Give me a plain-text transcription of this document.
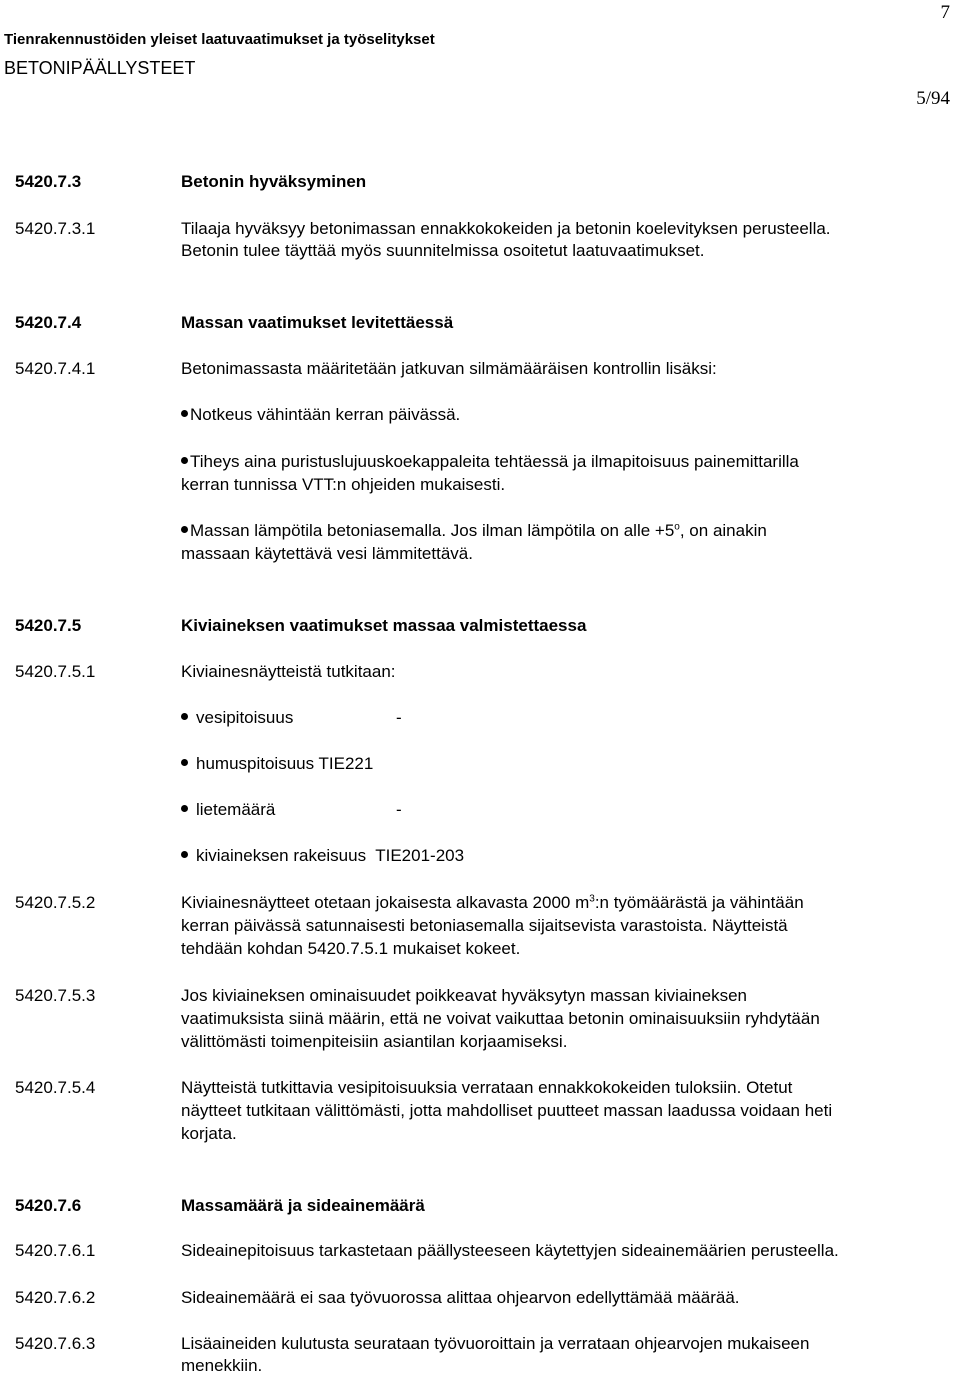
Tienrakennustöiden yleiset laatuvaatimukset ja työselitykset
BETONIPÄÄLLYSTEET
7
5/94
5420.7.3	Betonin hyväksyminen
5420.7.3.1	Tilaaja hyväksyy betonimassan ennakkokokeiden ja betonin koelevityksen perusteella.
Betonin tulee täyttää myös suunnitelmissa osoitetut laatuvaatimukset.
5420.7.4	Massan vaatimukset levitettäessä
5420.7.4.1	Betonimassasta määritetään jatkuvan silmämääräisen kontrollin lisäksi:
Notkeus vähintään kerran päivässä.
Tiheys aina puristuslujuuskoekappaleita tehtäessä ja ilmapitoisuus painemittarilla
kerran tunnissa VTT:n ohjeiden mukaisesti.
Massan lämpötila betoniasemalla. Jos ilman lämpötila on alle $+5^o$, on ainakin
massaan käytettävä vesi lämmitettävä.
5420.7.5	Kiviaineksen vaatimukset massaa valmistettaessa
5420.7.5.1	Kiviainesnäytteistä tutkitaan:
vesipitoisuus	-
humuspitoisuus TIE221
lietemäärä	-
kiviaineksen rakeisuus  TIE201-203
5420.7.5.2	Kiviainesnäytteet otetaan jokaisesta alkavasta 2000 $m^3:n$ työmäärästä ja vähintään
kerran päivässä satunnaisesti betoniasemalla sijaitsevista varastoista. Näytteistä
tehdään kohdan 5420.7.5.1 mukaiset kokeet.
5420.7.5.3	Jos kiviaineksen ominaisuudet poikkeavat hyväksytyn massan kiviaineksen
vaatimuksista siinä määrin, että ne voivat vaikuttaa betonin ominaisuuksiin ryhdytään
välittömästi toimenpiteisiin asiantilan korjaamiseksi.
5420.7.5.4	Näytteistä tutkittavia vesipitoisuuksia verrataan ennakkokokeiden tuloksiin. Otetut
näytteet tutkitaan välittömästi, jotta mahdolliset puutteet massan laadussa voidaan heti
korjata.
5420.7.6	Massamäärä ja sideainemäärä
5420.7.6.1	Sideainepitoisuus tarkastetaan päällysteeseen käytettyjen sideainemäärien perusteella.
5420.7.6.2	Sideainemäärä ei saa työvuorossa alittaa ohjearvon edellyttämää määrää.
5420.7.6.3	Lisäaineiden kulutusta seurataan työvuoroittain ja verrataan ohjearvojen mukaiseen
menekkiin.
